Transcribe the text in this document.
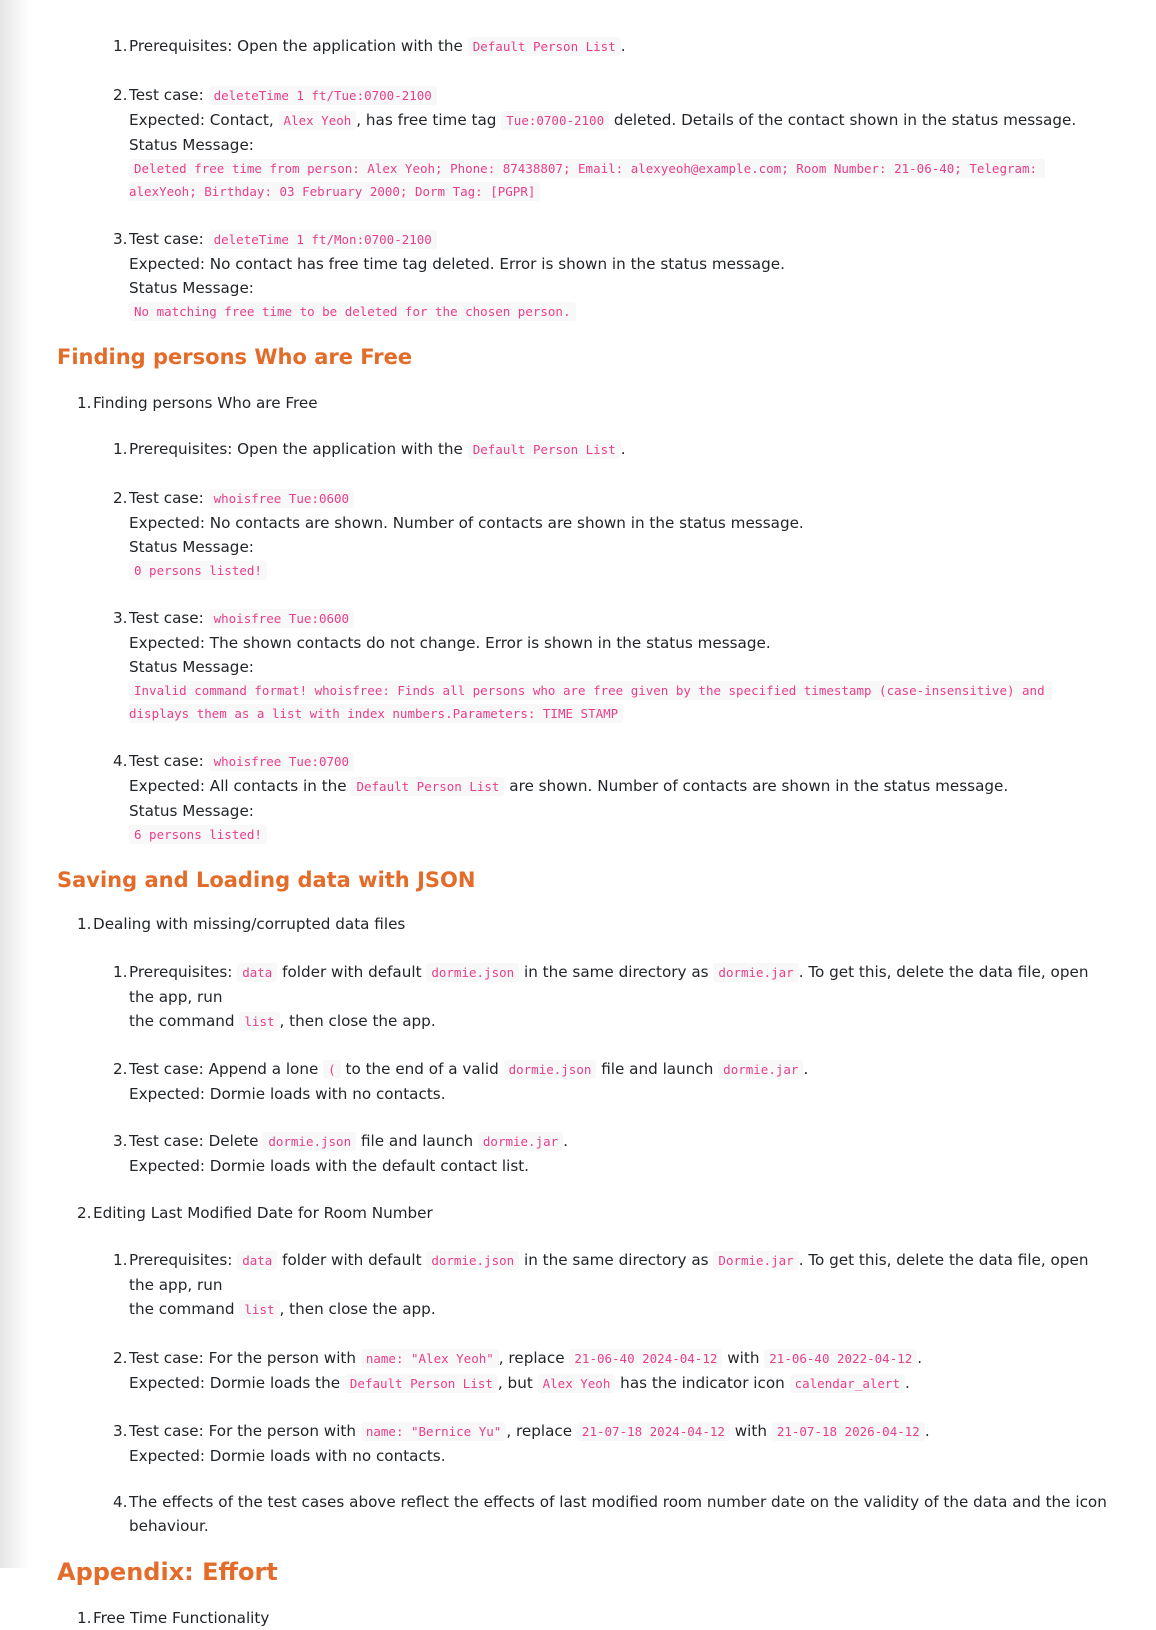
1. Prerequisites: Open the application with the Default Person List .
2. Test case: deleteTime 1 ft/Tue:0700-2100
Expected: Contact, Alex Yeoh , has free time tag Tue:0700-2100 deleted. Details of the contact shown in the status message.
Status Message:
Deleted free time from person: Alex Yeoh; Phone: 87438807; Email: alexyeoh@example.com; Room Number: 21-06-40; Telegram: alexYeoh; Birthday: 03 February 2000; Dorm Tag: [PGPR]
3. Test case: deleteTime 1 ft/Mon:0700-2100
Expected: No contact has free time tag deleted. Error is shown in the status message.
Status Message:
No matching free time to be deleted for the chosen person.
Finding persons Who are Free
1. Finding persons Who are Free
1. Prerequisites: Open the application with the Default Person List .
2. Test case: whoisfree Tue:0600
Expected: No contacts are shown. Number of contacts are shown in the status message.
Status Message:
0 persons listed!
3. Test case: whoisfree Tue:0600
Expected: The shown contacts do not change. Error is shown in the status message.
Status Message:
Invalid command format! whoisfree: Finds all persons who are free given by the specified timestamp (case-insensitive) and displays them as a list with index numbers.Parameters: TIME STAMP
4. Test case: whoisfree Tue:0700
Expected: All contacts in the Default Person List are shown. Number of contacts are shown in the status message.
Status Message:
6 persons listed!
Saving and Loading data with JSON
1. Dealing with missing/corrupted data files
1. Prerequisites: data folder with default dormie.json in the same directory as dormie.jar . To get this, delete the data file, open the app, run
the command list , then close the app.
2. Test case: Append a lone ( to the end of a valid dormie.json file and launch dormie.jar .
Expected: Dormie loads with no contacts.
3. Test case: Delete dormie.json file and launch dormie.jar .
Expected: Dormie loads with the default contact list.
2. Editing Last Modified Date for Room Number
1. Prerequisites: data folder with default dormie.json in the same directory as Dormie.jar . To get this, delete the data file, open the app, run
the command list , then close the app.
2. Test case: For the person with name: "Alex Yeoh" , replace 21-06-40 2024-04-12 with 21-06-40 2022-04-12 .
Expected: Dormie loads the Default Person List , but Alex Yeoh has the indicator icon calendar_alert .
3. Test case: For the person with name: "Bernice Yu" , replace 21-07-18 2024-04-12 with 21-07-18 2026-04-12 .
Expected: Dormie loads with no contacts.
4. The effects of the test cases above reflect the effects of last modified room number date on the validity of the data and the icon behaviour.
Appendix: Effort
1. Free Time Functionality
